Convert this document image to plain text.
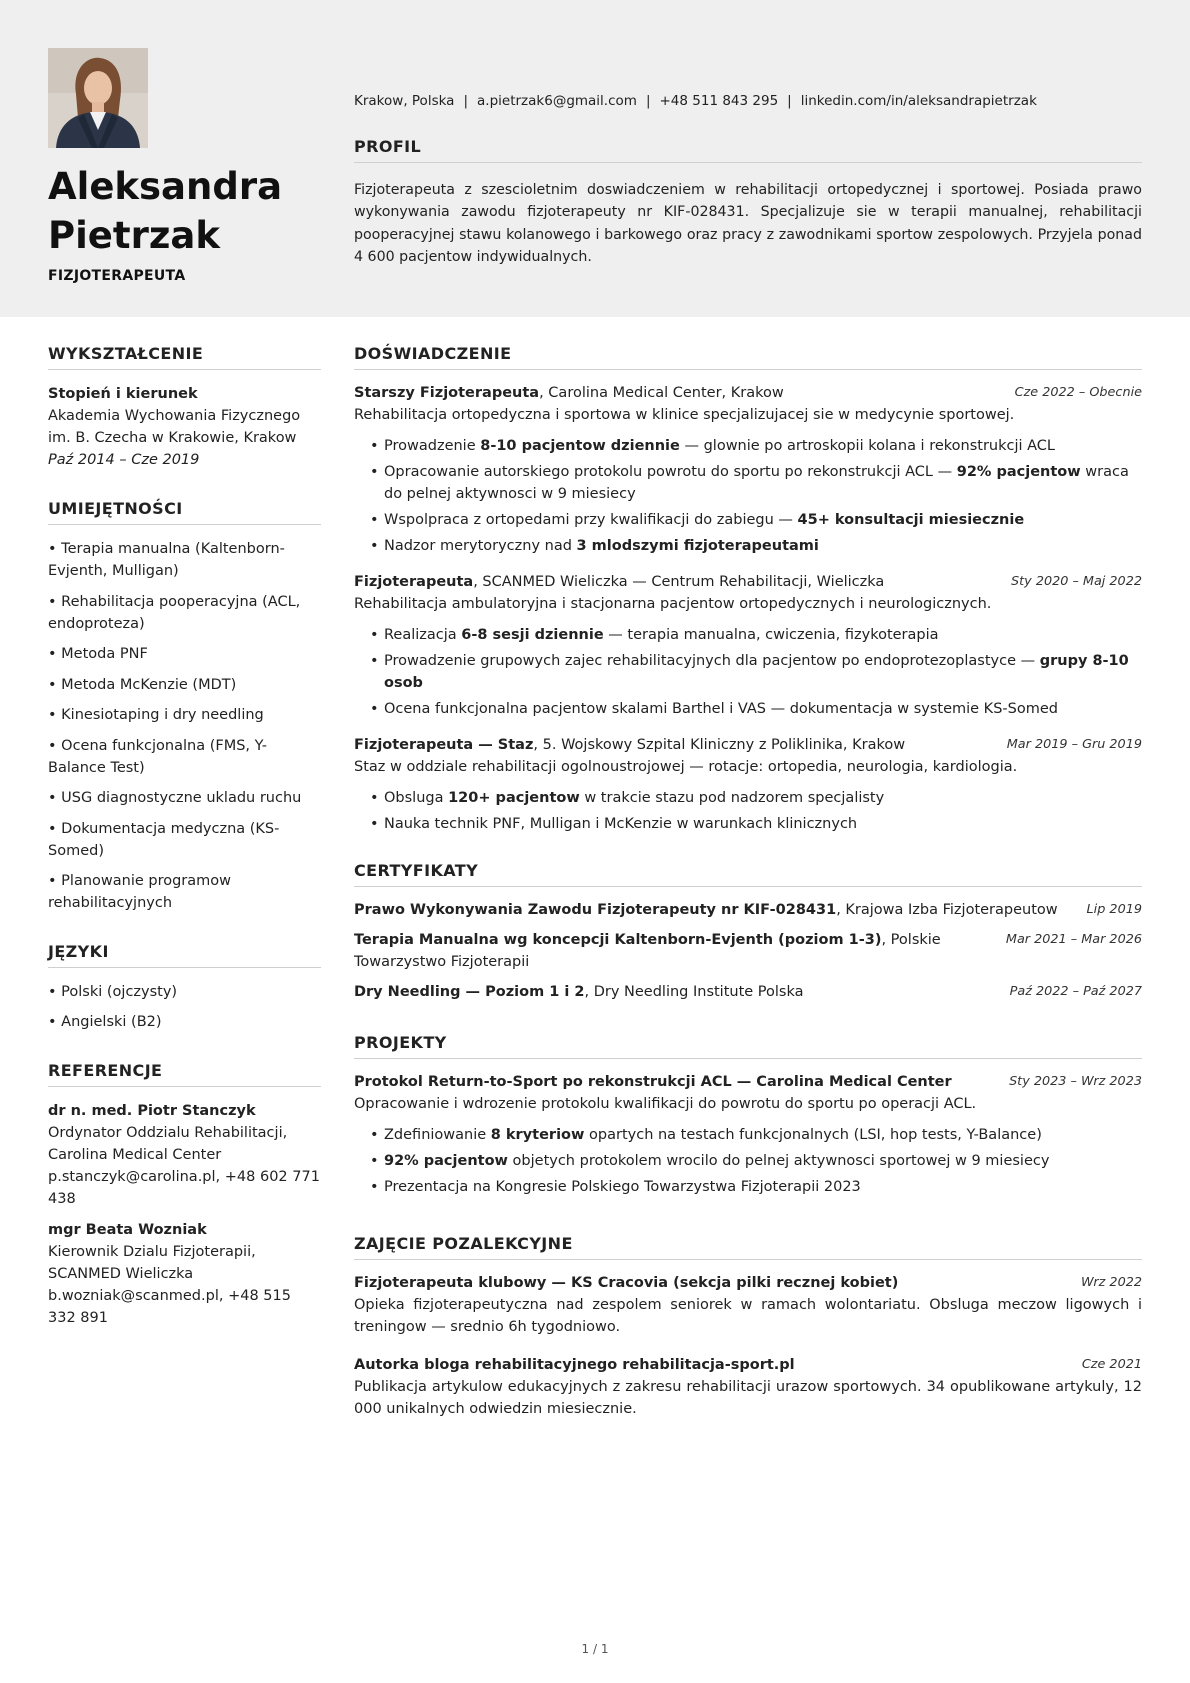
Aleksandra
Pietrzak
FIZJOTERAPEUTA
Krakow, Polska | a.pietrzak6@gmail.com | +48 511 843 295 | linkedin.com/in/aleksandrapietrzak
PROFIL

Fizjoterapeuta z szescioletnim doswiadczeniem w rehabilitacji ortopedycznej i sportowej. Posiada prawo wykonywania zawodu fizjoterapeuty nr KIF-028431. Specjalizuje sie w terapii manualnej, rehabilitacji pooperacyjnej stawu kolanowego i barkowego oraz pracy z zawodnikami sportow zespolowych. Przyjela ponad 4 600 pacjentow indywidualnych.

WYKSZTAŁCENIE
Stopień i kierunek
Akademia Wychowania Fizycznego im. B. Czecha w Krakowie, Krakow
Paź 2014 – Cze 2019
UMIEJĘTNOŚCI
• Terapia manualna (Kaltenborn-Evjenth, Mulligan)
• Rehabilitacja pooperacyjna (ACL, endoproteza)
• Metoda PNF
• Metoda McKenzie (MDT)
• Kinesiotaping i dry needling
• Ocena funkcjonalna (FMS, Y-Balance Test)
• USG diagnostyczne ukladu ruchu
• Dokumentacja medyczna (KS-Somed)
• Planowanie programow rehabilitacyjnych
JĘZYKI
• Polski (ojczysty)
• Angielski (B2)
REFERENCJE
dr n. med. Piotr Stanczyk
Ordynator Oddzialu Rehabilitacji, Carolina Medical Center
p.stanczyk@carolina.pl, +48 602 771 438
mgr Beata Wozniak
Kierownik Dzialu Fizjoterapii, SCANMED Wieliczka
b.wozniak@scanmed.pl, +48 515 332 891
DOŚWIADCZENIE
Starszy Fizjoterapeuta, Carolina Medical Center, Krakow	Cze 2022 – Obecnie
Rehabilitacja ortopedyczna i sportowa w klinice specjalizujacej sie w medycynie sportowej.
• Prowadzenie 8-10 pacjentow dziennie — glownie po artroskopii kolana i rekonstrukcji ACL
• Opracowanie autorskiego protokolu powrotu do sportu po rekonstrukcji ACL — 92% pacjentow wraca do pelnej aktywnosci w 9 miesiecy
• Wspolpraca z ortopedami przy kwalifikacji do zabiegu — 45+ konsultacji miesiecznie
• Nadzor merytoryczny nad 3 mlodszymi fizjoterapeutami
Fizjoterapeuta, SCANMED Wieliczka — Centrum Rehabilitacji, Wieliczka	Sty 2020 – Maj 2022
Rehabilitacja ambulatoryjna i stacjonarna pacjentow ortopedycznych i neurologicznych.
• Realizacja 6-8 sesji dziennie — terapia manualna, cwiczenia, fizykoterapia
• Prowadzenie grupowych zajec rehabilitacyjnych dla pacjentow po endoprotezoplastyce — grupy 8-10 osob
• Ocena funkcjonalna pacjentow skalami Barthel i VAS — dokumentacja w systemie KS-Somed
Fizjoterapeuta — Staz, 5. Wojskowy Szpital Kliniczny z Poliklinika, Krakow	Mar 2019 – Gru 2019
Staz w oddziale rehabilitacji ogolnoustrojowej — rotacje: ortopedia, neurologia, kardiologia.
• Obsluga 120+ pacjentow w trakcie stazu pod nadzorem specjalisty
• Nauka technik PNF, Mulligan i McKenzie w warunkach klinicznych
CERTYFIKATY
Prawo Wykonywania Zawodu Fizjoterapeuty nr KIF-028431, Krajowa Izba Fizjoterapeutow	Lip 2019
Terapia Manualna wg koncepcji Kaltenborn-Evjenth (poziom 1-3), Polskie Towarzystwo Fizjoterapii
Mar 2021 – Mar 2026
Dry Needling — Poziom 1 i 2, Dry Needling Institute Polska	Paź 2022 – Paź 2027
PROJEKTY
Protokol Return-to-Sport po rekonstrukcji ACL — Carolina Medical Center	Sty 2023 – Wrz 2023
Opracowanie i wdrozenie protokolu kwalifikacji do powrotu do sportu po operacji ACL.
• Zdefiniowanie 8 kryteriow opartych na testach funkcjonalnych (LSI, hop tests, Y-Balance)
• 92% pacjentow objetych protokolem wrocilo do pelnej aktywnosci sportowej w 9 miesiecy
• Prezentacja na Kongresie Polskiego Towarzystwa Fizjoterapii 2023
ZAJĘCIE POZALEKCYJNE
Fizjoterapeuta klubowy — KS Cracovia (sekcja pilki recznej kobiet)	Wrz 2022
Opieka fizjoterapeutyczna nad zespolem seniorek w ramach wolontariatu. Obsluga meczow ligowych i treningow — srednio 6h tygodniowo.
Autorka bloga rehabilitacyjnego rehabilitacja-sport.pl	Cze 2021
Publikacja artykulow edukacyjnych z zakresu rehabilitacji urazow sportowych. 34 opublikowane artykuly, 12 000 unikalnych odwiedzin miesiecznie.
1 / 1
